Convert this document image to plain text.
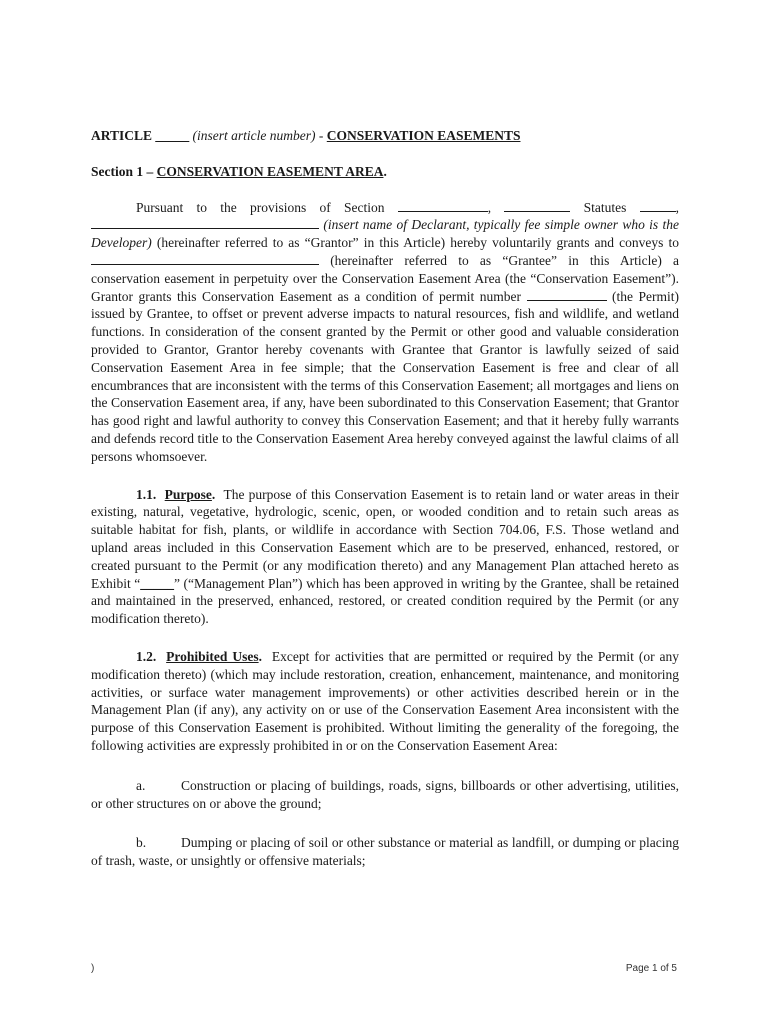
ARTICLE _____ (insert article number) - CONSERVATION EASEMENTS
Section 1 – CONSERVATION EASEMENT AREA.

Pursuant to the provisions of Section	,	Statutes	,  (insert name of Declarant, typically fee simple owner who is the Developer) (hereinafter referred to as “Grantor” in this Article) hereby voluntarily grants and conveys to  (hereinafter referred to as “Grantee” in this Article) a conservation easement in perpetuity over the Conservation Easement Area (the “Conservation Easement”). Grantor grants this Conservation Easement as a condition of permit number	(the Permit) issued by Grantee, to offset or prevent adverse impacts to natural resources, fish and wildlife, and wetland functions. In consideration of the consent granted by the Permit or other good and valuable consideration provided to Grantor, Grantor hereby covenants with Grantee that Grantor is lawfully seized of said Conservation Easement Area in fee simple; that the Conservation Easement is free and clear of all encumbrances that are inconsistent with the terms of this Conservation Easement; all mortgages and liens on the Conservation Easement area, if any, have been subordinated to this Conservation Easement; that Grantor has good right and lawful authority to convey this Conservation Easement; and that it hereby fully warrants and defends record title to the Conservation Easement Area hereby conveyed against the lawful claims of all persons whomsoever.

1.1. Purpose. The purpose of this Conservation Easement is to retain land or water areas in their existing, natural, vegetative, hydrologic, scenic, open, or wooded condition and to retain such areas as suitable habitat for fish, plants, or wildlife in accordance with Section 704.06, F.S. Those wetland and upland areas included in this Conservation Easement which are to be preserved, enhanced, restored, or created pursuant to the Permit (or any modification thereto) and any Management Plan attached hereto as Exhibit “_____” (“Management Plan”) which has been approved in writing by the Grantee, shall be retained and maintained in the preserved, enhanced, restored, or created condition required by the Permit (or any modification thereto).

1.2. Prohibited Uses. Except for activities that are permitted or required by the Permit (or any modification thereto) (which may include restoration, creation, enhancement, maintenance, and monitoring activities, or surface water management improvements) or other activities described herein or in the Management Plan (if any), any activity on or use of the Conservation Easement Area inconsistent with the purpose of this Conservation Easement is prohibited. Without limiting the generality of the foregoing, the following activities are expressly prohibited in or on the Conservation Easement Area:

a.	Construction or placing of buildings, roads, signs, billboards or other advertising, utilities, or other structures on or above the ground;

b.	Dumping or placing of soil or other substance or material as landfill, or dumping or placing of trash, waste, or unsightly or offensive materials;

)	Page 1 of 5
